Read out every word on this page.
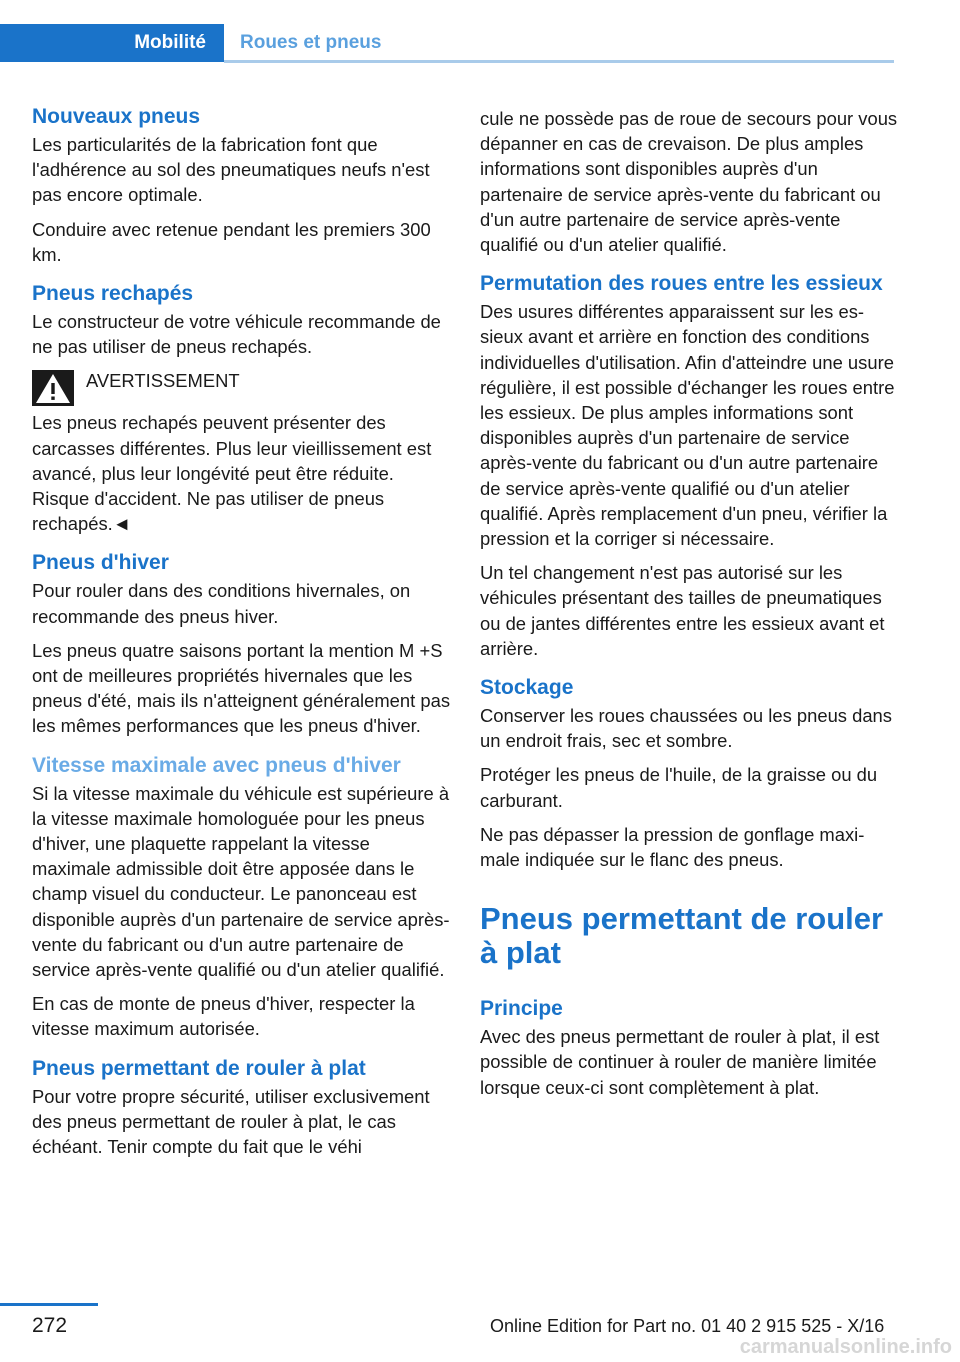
Mobilité	Roues et pneus
Nouveaux pneus

Les particularités de la fabrication font que l'adhérence au sol des pneumatiques neufs n'est pas encore optimale.

Conduire avec retenue pendant les premiers 300 km.

Pneus rechapés

Le constructeur de votre véhicule recommande de ne pas utiliser de pneus rechapés.

AVERTISSEMENT

Les pneus rechapés peuvent présenter des carcasses différentes. Plus leur vieillissement est avancé, plus leur longévité peut être réduite. Risque d'accident. Ne pas utiliser de pneus rechapés.◄

Pneus d'hiver

Pour rouler dans des conditions hivernales, on recommande des pneus hiver.

Les pneus quatre saisons portant la mention M +S ont de meilleures propriétés hivernales que les pneus d'été, mais ils n'atteignent généralement pas les mêmes performances que les pneus d'hiver.

Vitesse maximale avec pneus d'hiver

Si la vitesse maximale du véhicule est supérieure à la vitesse maximale homologuée pour les pneus d'hiver, une plaquette rappelant la vitesse maximale admissible doit être apposée dans le champ visuel du conducteur. Le panonceau est disponible auprès d'un partenaire de service après-vente du fabricant ou d'un autre partenaire de service après-vente qualifié ou d'un atelier qualifié.

En cas de monte de pneus d'hiver, respecter la vitesse maximum autorisée.

Pneus permettant de rouler à plat

Pour votre propre sécurité, utiliser exclusivement des pneus permettant de rouler à plat, le cas échéant. Tenir compte du fait que le véhi

cule ne possède pas de roue de secours pour vous dépanner en cas de crevaison. De plus amples informations sont disponibles auprès d'un partenaire de service après-vente du fabricant ou d'un autre partenaire de service après-vente qualifié ou d'un atelier qualifié.

Permutation des roues entre les essieux

Des usures différentes apparaissent sur les essieux avant et arrière en fonction des conditions individuelles d'utilisation. Afin d'atteindre une usure régulière, il est possible d'échanger les roues entre les essieux. De plus amples informations sont disponibles auprès d'un partenaire de service après-vente du fabricant ou d'un autre partenaire de service après-vente qualifié ou d'un atelier qualifié. Après remplacement d'un pneu, vérifier la pression et la corriger si nécessaire.

Un tel changement n'est pas autorisé sur les véhicules présentant des tailles de pneumatiques ou de jantes différentes entre les essieux avant et arrière.

Stockage

Conserver les roues chaussées ou les pneus dans un endroit frais, sec et sombre.

Protéger les pneus de l'huile, de la graisse ou du carburant.

Ne pas dépasser la pression de gonflage maximale indiquée sur le flanc des pneus.

Pneus permettant de rouler à plat
Principe

Avec des pneus permettant de rouler à plat, il est possible de continuer à rouler de manière limitée lorsque ceux-ci sont complètement à plat.

272	Online Edition for Part no. 01 40 2 915 525 - X/16
carmanualsonline.info
